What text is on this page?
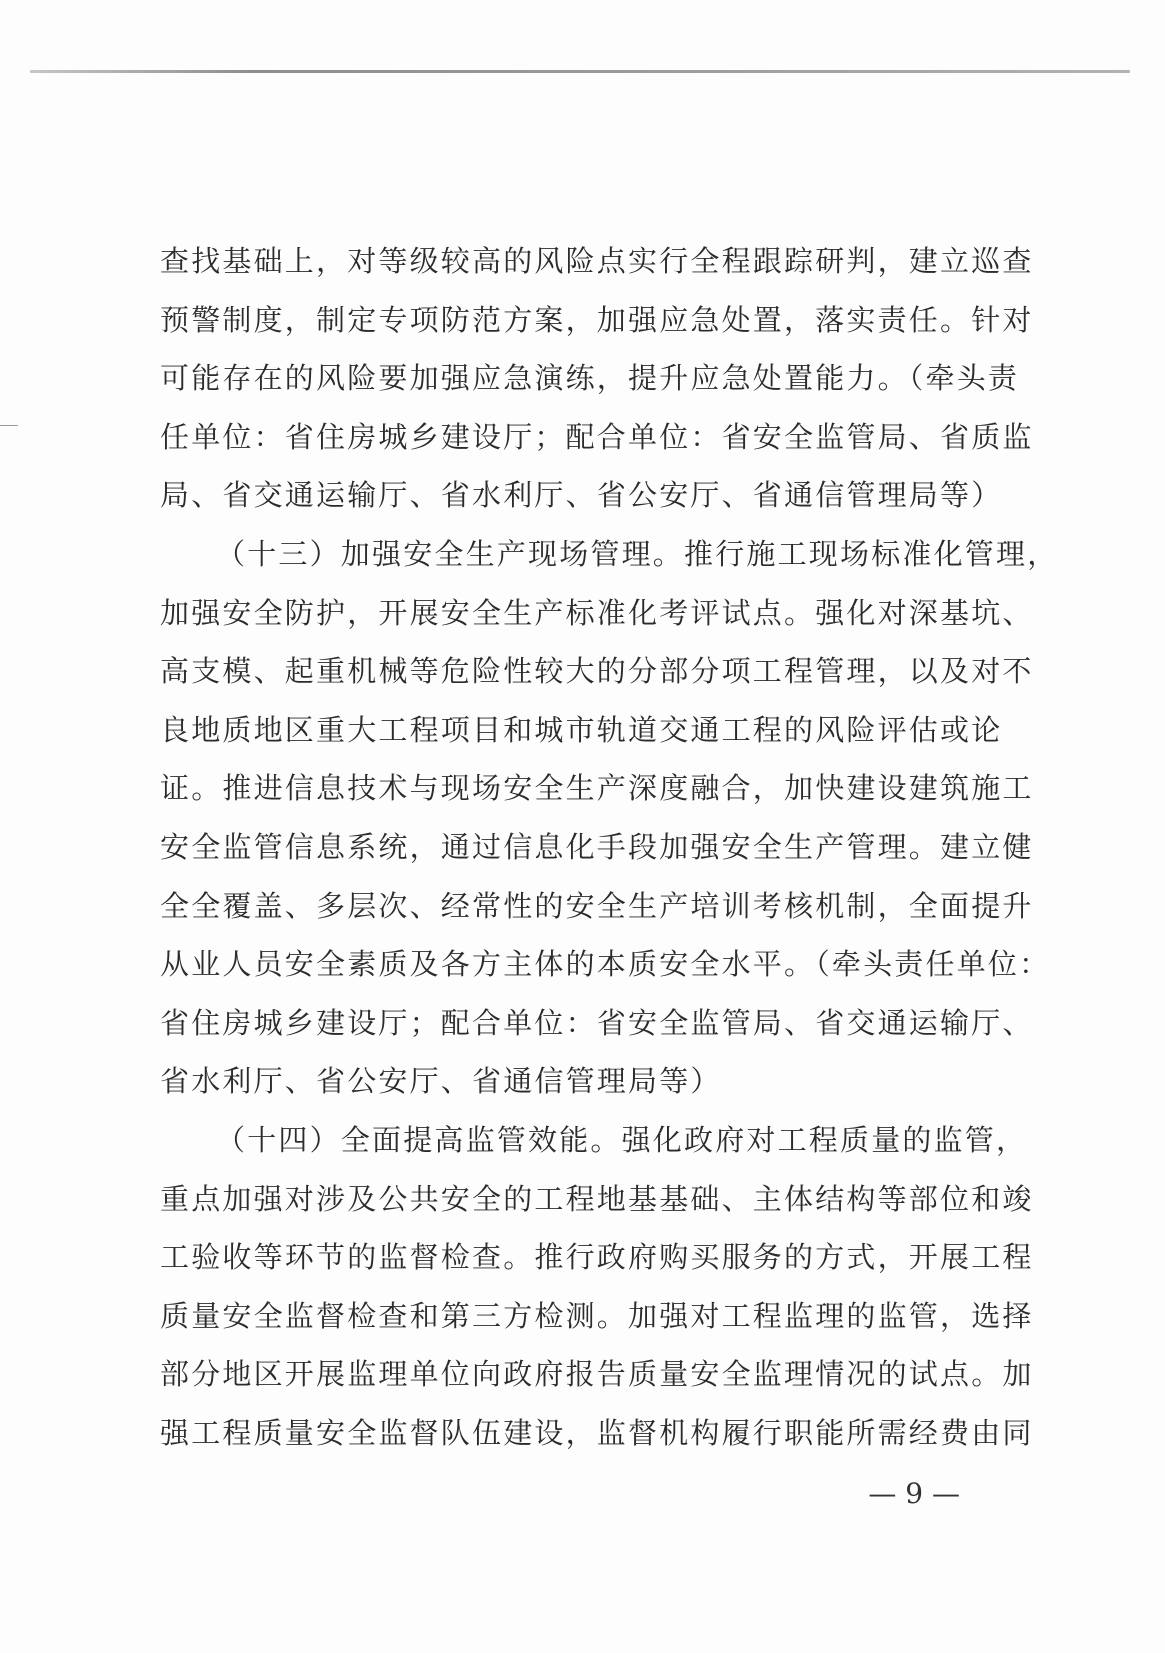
查找基础上，对等级较高的风险点实行全程跟踪研判，建立巡查
预警制度，制定专项防范方案，加强应急处置，落实责任。针对
可能存在的风险要加强应急演练，提升应急处置能力。（牵头责
任单位：省住房城乡建设厅；配合单位：省安全监管局、省质监
局、省交通运输厅、省水利厅、省公安厅、省通信管理局等）
（十三）加强安全生产现场管理。推行施工现场标准化管理，
加强安全防护，开展安全生产标准化考评试点。强化对深基坑、
高支模、起重机械等危险性较大的分部分项工程管理，以及对不
良地质地区重大工程项目和城市轨道交通工程的风险评估或论
证。推进信息技术与现场安全生产深度融合，加快建设建筑施工
安全监管信息系统，通过信息化手段加强安全生产管理。建立健
全全覆盖、多层次、经常性的安全生产培训考核机制，全面提升
从业人员安全素质及各方主体的本质安全水平。（牵头责任单位：
省住房城乡建设厅；配合单位：省安全监管局、省交通运输厅、
省水利厅、省公安厅、省通信管理局等）
（十四）全面提高监管效能。强化政府对工程质量的监管，
重点加强对涉及公共安全的工程地基基础、主体结构等部位和竣
工验收等环节的监督检查。推行政府购买服务的方式，开展工程
质量安全监督检查和第三方检测。加强对工程监理的监管，选择
部分地区开展监理单位向政府报告质量安全监理情况的试点。加
强工程质量安全监督队伍建设，监督机构履行职能所需经费由同
— 9 —
